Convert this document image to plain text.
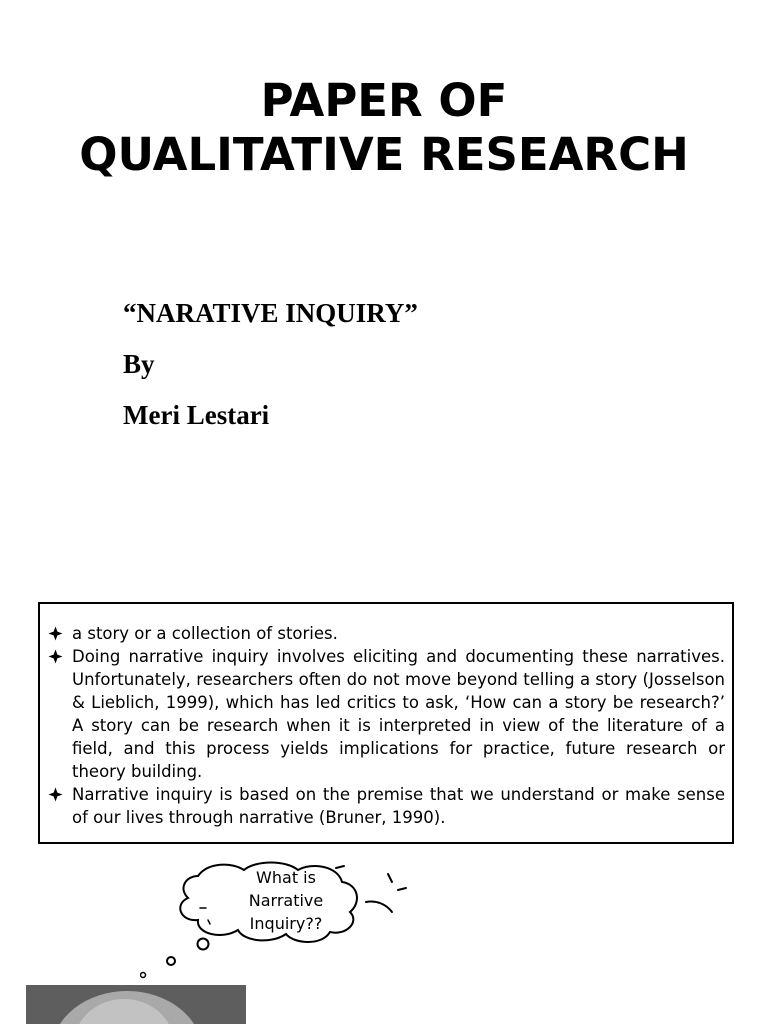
PAPER OF
QUALITATIVE RESEARCH
“NARATIVE INQUIRY”
By
Meri Lestari
a story or a collection of stories.
Doing narrative inquiry involves eliciting and documenting these narratives. Unfortunately, researchers often do not move beyond telling a story (Josselson & Lieblich, 1999), which has led critics to ask, ‘How can a story be research?’ A story can be research when it is interpreted in view of the literature of a field, and this process yields implications for practice, future research or theory building.
Narrative inquiry is based on the premise that we understand or make sense of our lives through narrative (Bruner, 1990).
What is
Narrative
Inquiry??
